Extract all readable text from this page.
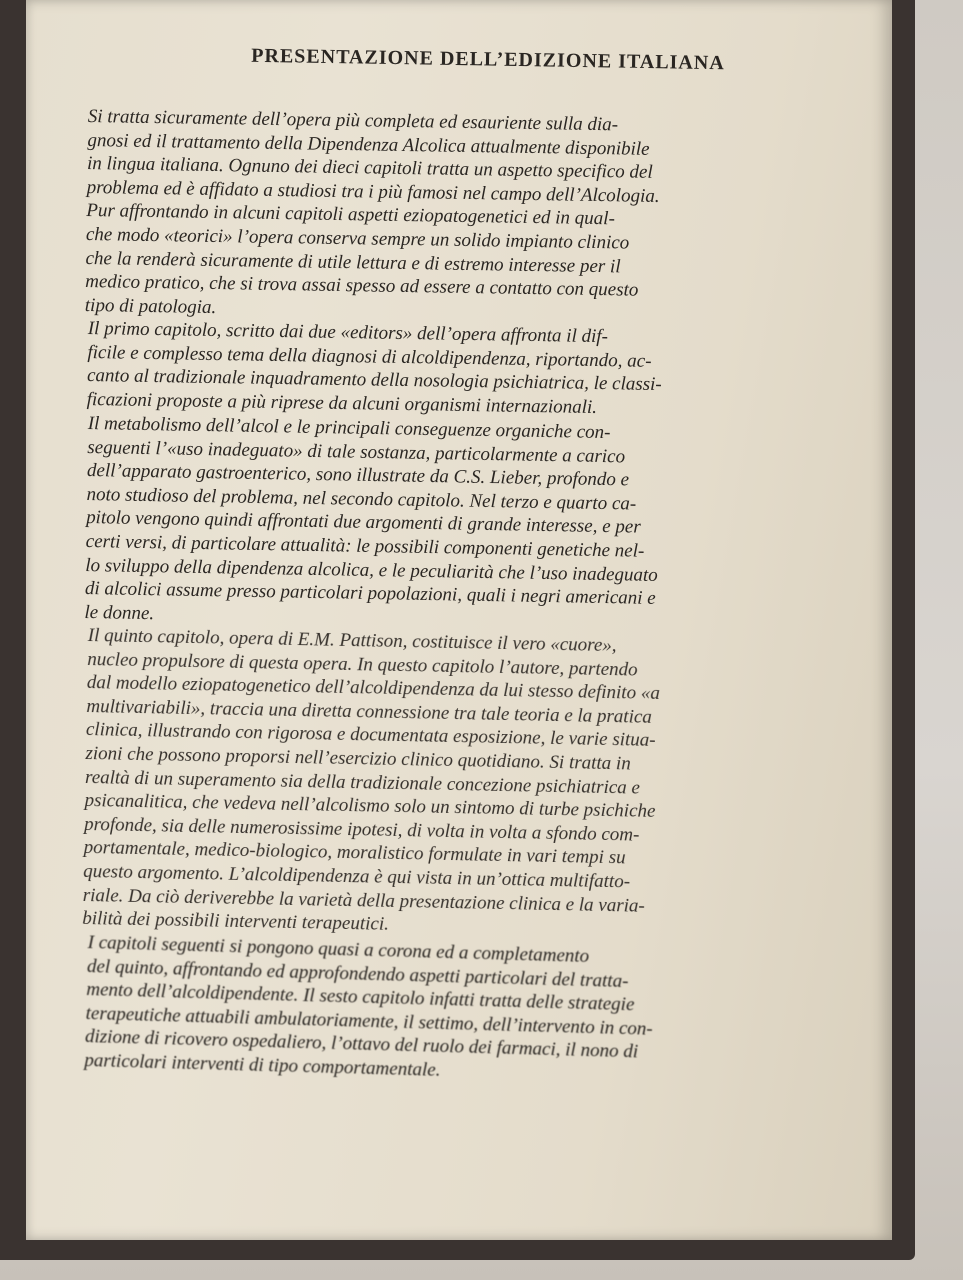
PRESENTAZIONE DELL’EDIZIONE ITALIANA

Si tratta sicuramente dell’opera più completa ed esauriente sulla dia-
gnosi ed il trattamento della Dipendenza Alcolica attualmente disponibile
in lingua italiana. Ognuno dei dieci capitoli tratta un aspetto specifico del
problema ed è affidato a studiosi tra i più famosi nel campo dell’Alcologia.
Pur affrontando in alcuni capitoli aspetti eziopatogenetici ed in qual-
che modo «teorici» l’opera conserva sempre un solido impianto clinico
che la renderà sicuramente di utile lettura e di estremo interesse per il
medico pratico, che si trova assai spesso ad essere a contatto con questo
tipo di patologia.

Il primo capitolo, scritto dai due «editors» dell’opera affronta il dif-
ficile e complesso tema della diagnosi di alcoldipendenza, riportando, ac-
canto al tradizionale inquadramento della nosologia psichiatrica, le classi-
ficazioni proposte a più riprese da alcuni organismi internazionali.

Il metabolismo dell’alcol e le principali conseguenze organiche con-
seguenti l’«uso inadeguato» di tale sostanza, particolarmente a carico
dell’apparato gastroenterico, sono illustrate da C.S. Lieber, profondo e
noto studioso del problema, nel secondo capitolo. Nel terzo e quarto ca-
pitolo vengono quindi affrontati due argomenti di grande interesse, e per
certi versi, di particolare attualità: le possibili componenti genetiche nel-
lo sviluppo della dipendenza alcolica, e le peculiarità che l’uso inadeguato
di alcolici assume presso particolari popolazioni, quali i negri americani e
le donne.

Il quinto capitolo, opera di E.M. Pattison, costituisce il vero «cuore»,
nucleo propulsore di questa opera. In questo capitolo l’autore, partendo
dal modello eziopatogenetico dell’alcoldipendenza da lui stesso definito «a
multivariabili», traccia una diretta connessione tra tale teoria e la pratica
clinica, illustrando con rigorosa e documentata esposizione, le varie situa-
zioni che possono proporsi nell’esercizio clinico quotidiano. Si tratta in
realtà di un superamento sia della tradizionale concezione psichiatrica e
psicanalitica, che vedeva nell’alcolismo solo un sintomo di turbe psichiche
profonde, sia delle numerosissime ipotesi, di volta in volta a sfondo com-
portamentale, medico-biologico, moralistico formulate in vari tempi su
questo argomento. L’alcoldipendenza è qui vista in un’ottica multifatto-
riale. Da ciò deriverebbe la varietà della presentazione clinica e la varia-
bilità dei possibili interventi terapeutici.

I capitoli seguenti si pongono quasi a corona ed a completamento
del quinto, affrontando ed approfondendo aspetti particolari del tratta-
mento dell’alcoldipendente. Il sesto capitolo infatti tratta delle strategie
terapeutiche attuabili ambulatoriamente, il settimo, dell’intervento in con-
dizione di ricovero ospedaliero, l’ottavo del ruolo dei farmaci, il nono di
particolari interventi di tipo comportamentale.
